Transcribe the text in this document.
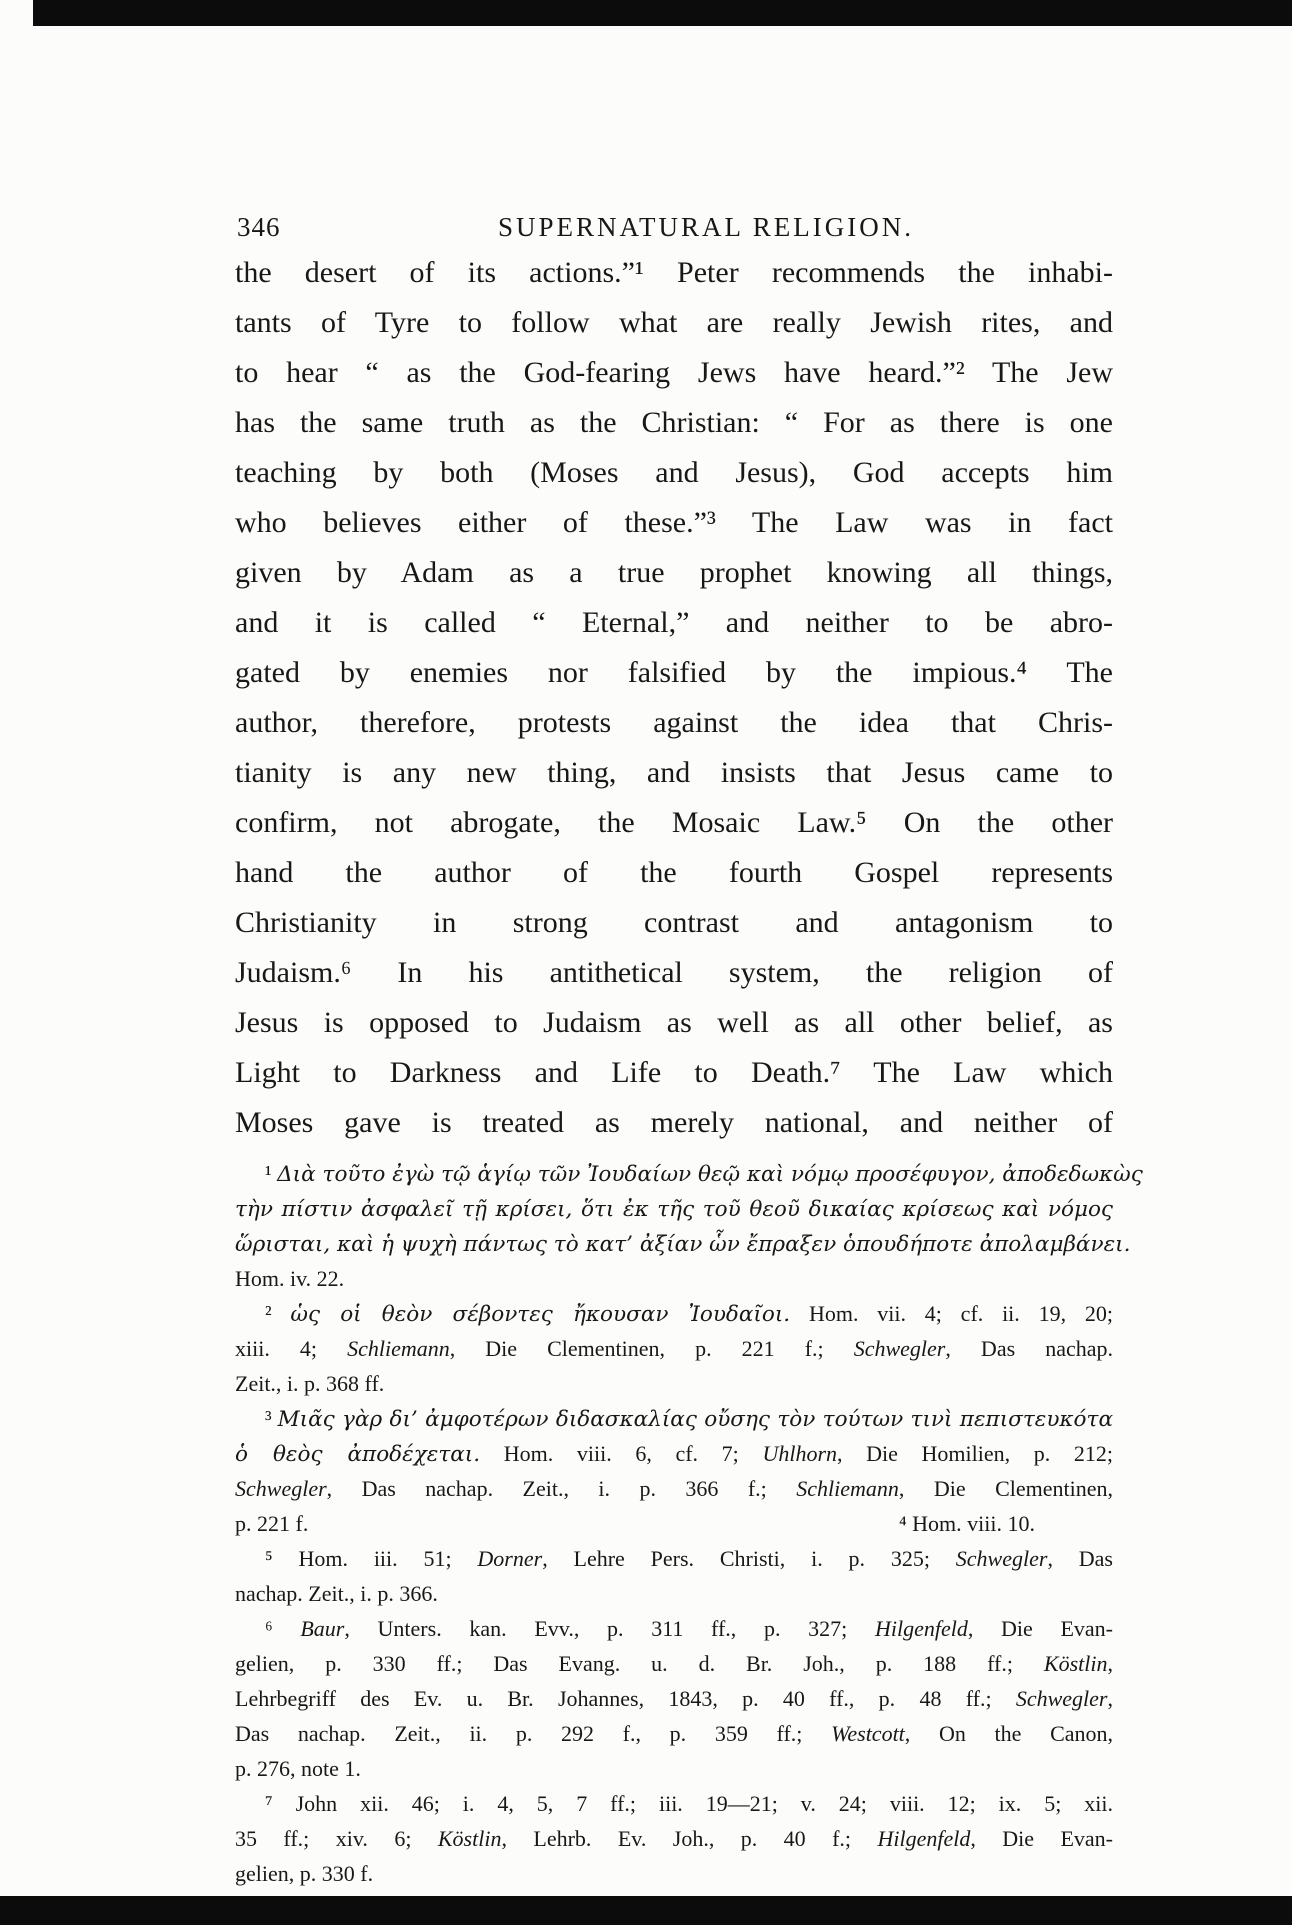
346	SUPERNATURAL RELIGION.
the desert of its actions.”¹ Peter recommends the inhabi-
tants of Tyre to follow what are really Jewish rites, and
to hear “ as the God-fearing Jews have heard.”² The Jew
has the same truth as the Christian: “ For as there is one
teaching by both (Moses and Jesus), God accepts him
who believes either of these.”³ The Law was in fact
given by Adam as a true prophet knowing all things,
and it is called “ Eternal,” and neither to be abro-
gated by enemies nor falsified by the impious.⁴ The
author, therefore, protests against the idea that Chris-
tianity is any new thing, and insists that Jesus came to
confirm, not abrogate, the Mosaic Law.⁵ On the other
hand the author of the fourth Gospel represents
Christianity in strong contrast and antagonism to
Judaism.⁶ In his antithetical system, the religion of
Jesus is opposed to Judaism as well as all other belief, as
Light to Darkness and Life to Death.⁷ The Law which
Moses gave is treated as merely national, and neither of
¹ Διὰ τοῦτο ἐγὼ τῷ ἁγίῳ τῶν Ἰουδαίων θεῷ καὶ νόμῳ προσέφυγον, ἀποδεδωκὼς
τὴν πίστιν ἀσφαλεῖ τῇ κρίσει, ὅτι ἐκ τῆς τοῦ θεοῦ δικαίας κρίσεως καὶ νόμος
ὥρισται, καὶ ἡ ψυχὴ πάντως τὸ κατ’ ἀξίαν ὧν ἔπραξεν ὁπουδήποτε ἀπολαμβάνει.
Hom. iv. 22.
² ὡς οἱ θεὸν σέβοντες ἤκουσαν Ἰουδαῖοι. Hom. vii. 4; cf. ii. 19, 20;
xiii. 4; Schliemann, Die Clementinen, p. 221 f.; Schwegler, Das nachap.
Zeit., i. p. 368 ff.
³ Μιᾶς γὰρ δι’ ἀμφοτέρων διδασκαλίας οὔσης τὸν τούτων τινὶ πεπιστευκότα
ὁ θεὸς ἀποδέχεται. Hom. viii. 6, cf. 7; Uhlhorn, Die Homilien, p. 212;
Schwegler, Das nachap. Zeit., i. p. 366 f.; Schliemann, Die Clementinen,
p. 221 f.	⁴ Hom. viii. 10.
⁵ Hom. iii. 51; Dorner, Lehre Pers. Christi, i. p. 325; Schwegler, Das
nachap. Zeit., i. p. 366.
⁶ Baur, Unters. kan. Evv., p. 311 ff., p. 327; Hilgenfeld, Die Evan-
gelien, p. 330 ff.; Das Evang. u. d. Br. Joh., p. 188 ff.; Köstlin,
Lehrbegriff des Ev. u. Br. Johannes, 1843, p. 40 ff., p. 48 ff.; Schwegler,
Das nachap. Zeit., ii. p. 292 f., p. 359 ff.; Westcott, On the Canon,
p. 276, note 1.
⁷ John xii. 46; i. 4, 5, 7 ff.; iii. 19—21; v. 24; viii. 12; ix. 5; xii.
35 ff.; xiv. 6; Köstlin, Lehrb. Ev. Joh., p. 40 f.; Hilgenfeld, Die Evan-
gelien, p. 330 f.
